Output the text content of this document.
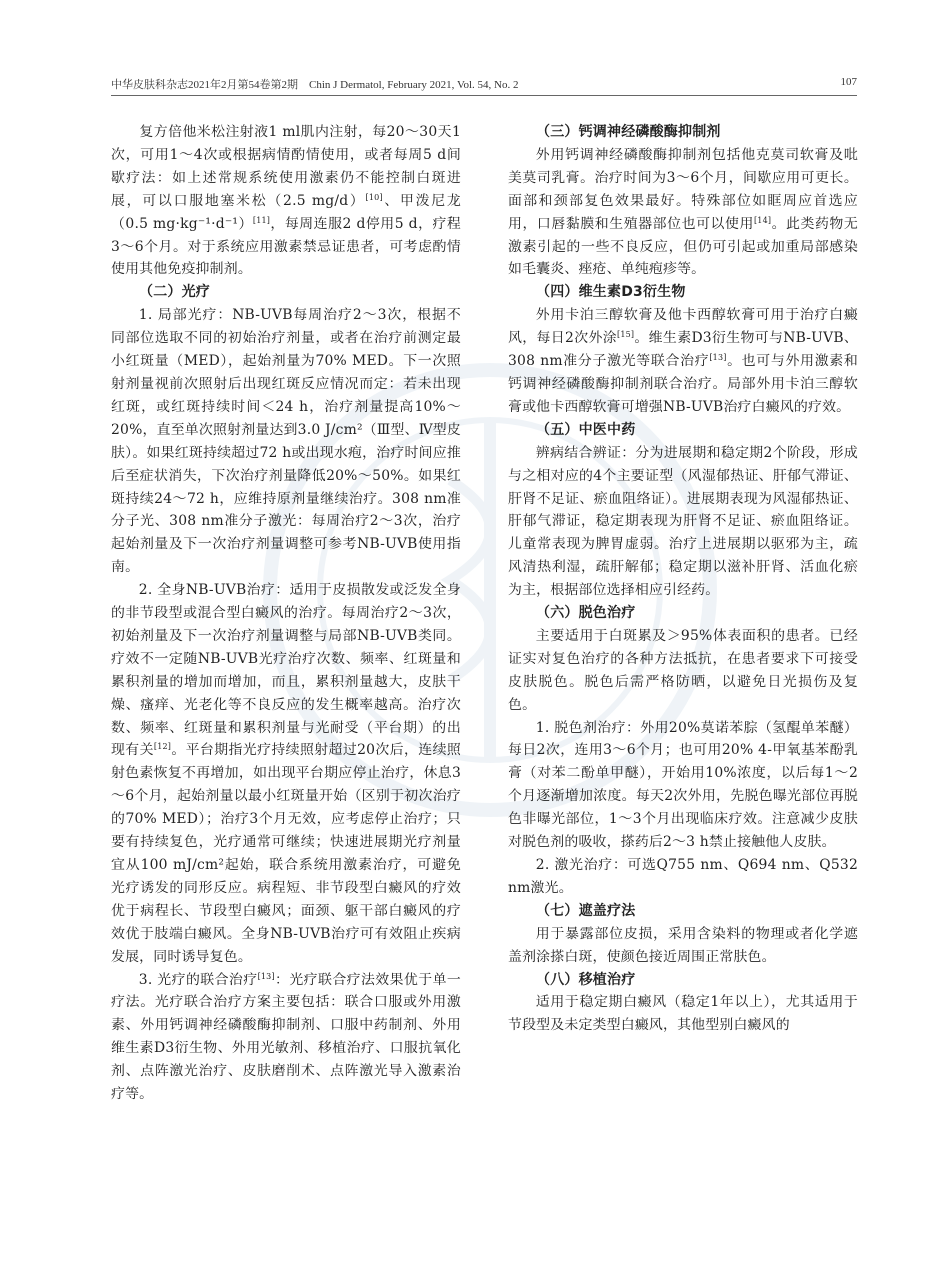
中华皮肤科杂志2021年2月第54卷第2期　Chin J Dermatol, February 2021, Vol. 54, No. 2	107

  复方倍他米松注射液1 ml肌内注射，每20～30天1次，可用1～4次或根据病情酌情使用，或者每周5 d间歇疗法：如上述常规系统使用激素仍不能控制白斑进展，可以口服地塞米松（2.5 mg/d）[10]、甲泼尼龙（0.5 mg·kg⁻¹·d⁻¹）[11]，每周连服2 d停用5 d，疗程3～6个月。对于系统应用激素禁忌证患者，可考虑酌情使用其他免疫抑制剂。

（二）光疗

1. 局部光疗：NB-UVB每周治疗2～3次，根据不同部位选取不同的初始治疗剂量，或者在治疗前测定最小红斑量（MED），起始剂量为70% MED。下一次照射剂量视前次照射后出现红斑反应情况而定：若未出现红斑，或红斑持续时间＜24 h，治疗剂量提高10%～20%，直至单次照射剂量达到3.0 J/cm²（Ⅲ型、Ⅳ型皮肤）。如果红斑持续超过72 h或出现水疱，治疗时间应推后至症状消失，下次治疗剂量降低20%～50%。如果红斑持续24～72 h，应维持原剂量继续治疗。308 nm准分子光、308 nm准分子激光：每周治疗2～3次，治疗起始剂量及下一次治疗剂量调整可参考NB-UVB使用指南。

2. 全身NB-UVB治疗：适用于皮损散发或泛发全身的非节段型或混合型白癜风的治疗。每周治疗2～3次，初始剂量及下一次治疗剂量调整与局部NB-UVB类同。疗效不一定随NB-UVB光疗治疗次数、频率、红斑量和累积剂量的增加而增加，而且，累积剂量越大，皮肤干燥、瘙痒、光老化等不良反应的发生概率越高。治疗次数、频率、红斑量和累积剂量与光耐受（平台期）的出现有关[12]。平台期指光疗持续照射超过20次后，连续照射色素恢复不再增加，如出现平台期应停止治疗，休息3～6个月，起始剂量以最小红斑量开始（区别于初次治疗的70% MED）；治疗3个月无效，应考虑停止治疗；只要有持续复色，光疗通常可继续；快速进展期光疗剂量宜从100 mJ/cm²起始，联合系统用激素治疗，可避免光疗诱发的同形反应。病程短、非节段型白癜风的疗效优于病程长、节段型白癜风；面颈、躯干部白癜风的疗效优于肢端白癜风。全身NB-UVB治疗可有效阻止疾病发展，同时诱导复色。

3. 光疗的联合治疗[13]：光疗联合疗法效果优于单一疗法。光疗联合治疗方案主要包括：联合口服或外用激素、外用钙调神经磷酸酶抑制剂、口服中药制剂、外用维生素D3衍生物、外用光敏剂、移植治疗、口服抗氧化剂、点阵激光治疗、皮肤磨削术、点阵激光导入激素治疗等。

（三）钙调神经磷酸酶抑制剂

外用钙调神经磷酸酶抑制剂包括他克莫司软膏及吡美莫司乳膏。治疗时间为3～6个月，间歇应用可更长。面部和颈部复色效果最好。特殊部位如眶周应首选应用，口唇黏膜和生殖器部位也可以使用[14]。此类药物无激素引起的一些不良反应，但仍可引起或加重局部感染如毛囊炎、痤疮、单纯疱疹等。

（四）维生素D3衍生物

外用卡泊三醇软膏及他卡西醇软膏可用于治疗白癜风，每日2次外涂[15]。维生素D3衍生物可与NB-UVB、308 nm准分子激光等联合治疗[13]。也可与外用激素和钙调神经磷酸酶抑制剂联合治疗。局部外用卡泊三醇软膏或他卡西醇软膏可增强NB-UVB治疗白癜风的疗效。

（五）中医中药

辨病结合辨证：分为进展期和稳定期2个阶段，形成与之相对应的4个主要证型（风湿郁热证、肝郁气滞证、肝肾不足证、瘀血阻络证）。进展期表现为风湿郁热证、肝郁气滞证，稳定期表现为肝肾不足证、瘀血阻络证。儿童常表现为脾胃虚弱。治疗上进展期以驱邪为主，疏风清热利湿，疏肝解郁；稳定期以滋补肝肾、活血化瘀为主，根据部位选择相应引经药。

（六）脱色治疗

主要适用于白斑累及＞95%体表面积的患者。已经证实对复色治疗的各种方法抵抗，在患者要求下可接受皮肤脱色。脱色后需严格防晒，以避免日光损伤及复色。

1. 脱色剂治疗：外用20%莫诺苯腙（氢醌单苯醚）每日2次，连用3～6个月；也可用20% 4-甲氧基苯酚乳膏（对苯二酚单甲醚），开始用10%浓度，以后每1～2个月逐渐增加浓度。每天2次外用，先脱色曝光部位再脱色非曝光部位，1～3个月出现临床疗效。注意减少皮肤对脱色剂的吸收，搽药后2～3 h禁止接触他人皮肤。

2. 激光治疗：可选Q755 nm、Q694 nm、Q532 nm激光。

（七）遮盖疗法

用于暴露部位皮损，采用含染料的物理或者化学遮盖剂涂搽白斑，使颜色接近周围正常肤色。

（八）移植治疗

适用于稳定期白癜风（稳定1年以上），尤其适用于节段型及未定类型白癜风，其他型别白癜风的
